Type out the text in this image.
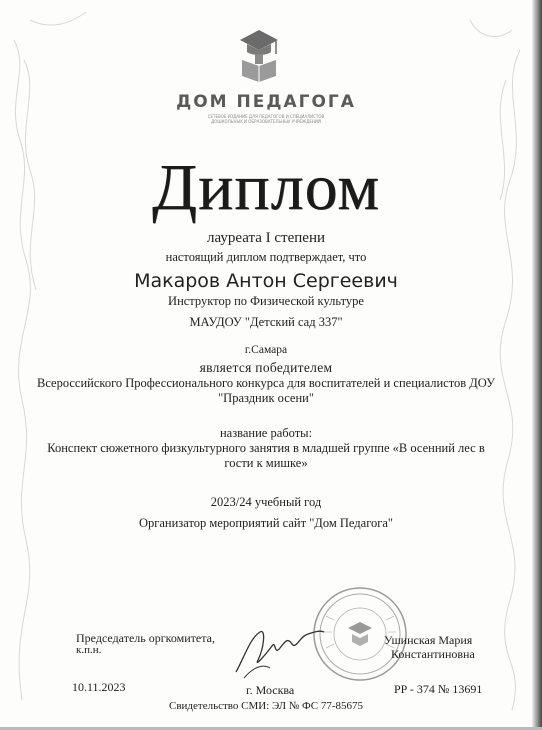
ДОМ ПЕДАГОГА
СЕТЕВОЕ ИЗДАНИЕ ДЛЯ ПЕДАГОГОВ И СПЕЦИАЛИСТОВ
ДОШКОЛЬНЫХ И ОБРАЗОВАТЕЛЬНЫХ УЧРЕЖДЕНИЙ
Диплом
лауреата I степени
настоящий диплом подтверждает, что
Макаров Антон Сергеевич
Инструктор по Физической культуре
МАУДОУ "Детский сад 337"
г.Самара
является победителем
Всероссийского Профессионального конкурса для воспитателей и специалистов ДОУ
"Праздник осени"
название работы:
Конспект сюжетного физкультурного занятия в младшей группе «В осенний лес в
гости к мишке»
2023/24 учебный год
Организатор мероприятий сайт "Дом Педагога"
Председатель оргкомитета,
к.п.н.
Ушинская Мария
Константиновна
10.11.2023	г. Москва	PP - 374 № 13691
Свидетельство СМИ: ЭЛ № ФС 77-85675
